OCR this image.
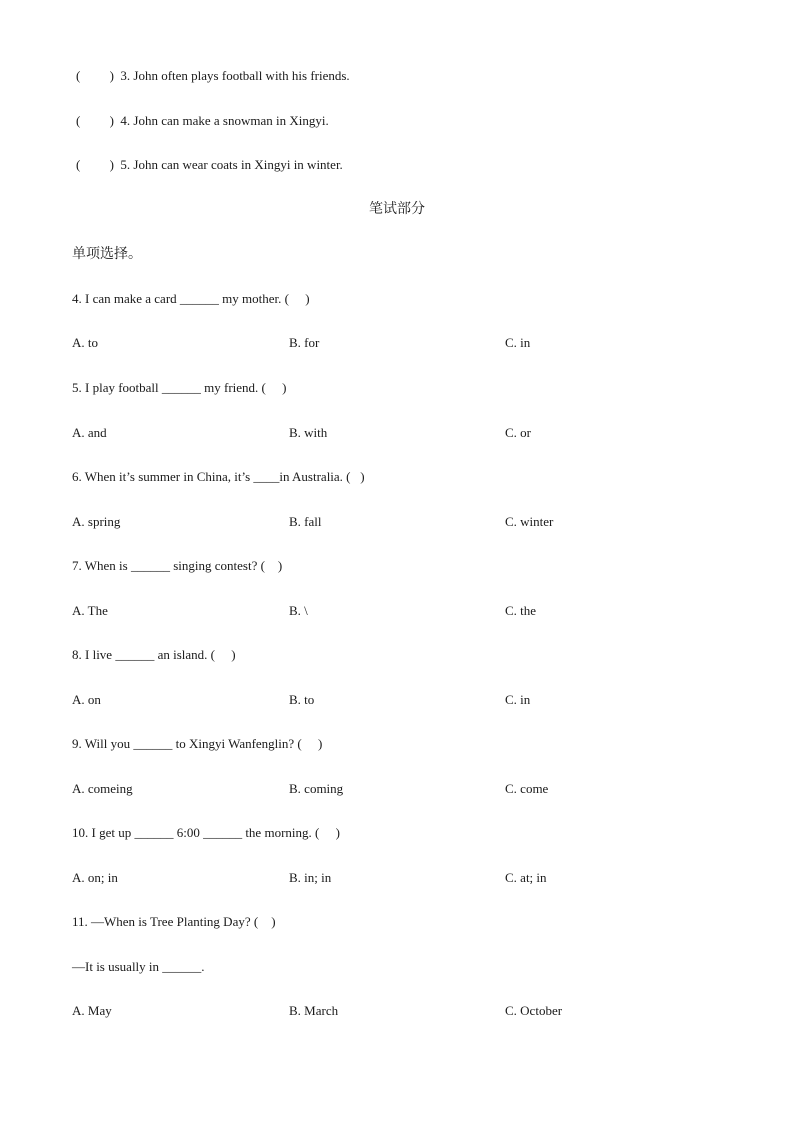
(         )  3. John often plays football with his friends.
(         )  4. John can make a snowman in Xingyi.
(         )  5. John can wear coats in Xingyi in winter.
笔试部分
单项选择。
4. I can make a card ______ my mother. (     )
A. to	B. for	C. in
5. I play football ______ my friend. (     )
A. and	B. with	C. or
6. When it’s summer in China, it’s ____in Australia. (   )
A. spring	B. fall	C. winter
7. When is ______ singing contest? (    )
A. The	B. \	C. the
8. I live ______ an island. (     )
A. on	B. to	C. in
9. Will you ______ to Xingyi Wanfenglin? (     )
A. comeing	B. coming	C. come
10. I get up ______ 6:00 ______ the morning. (     )
A. on; in	B. in; in	C. at; in
11. —When is Tree Planting Day? (    )
—It is usually in ______.
A. May	B. March	C. October
